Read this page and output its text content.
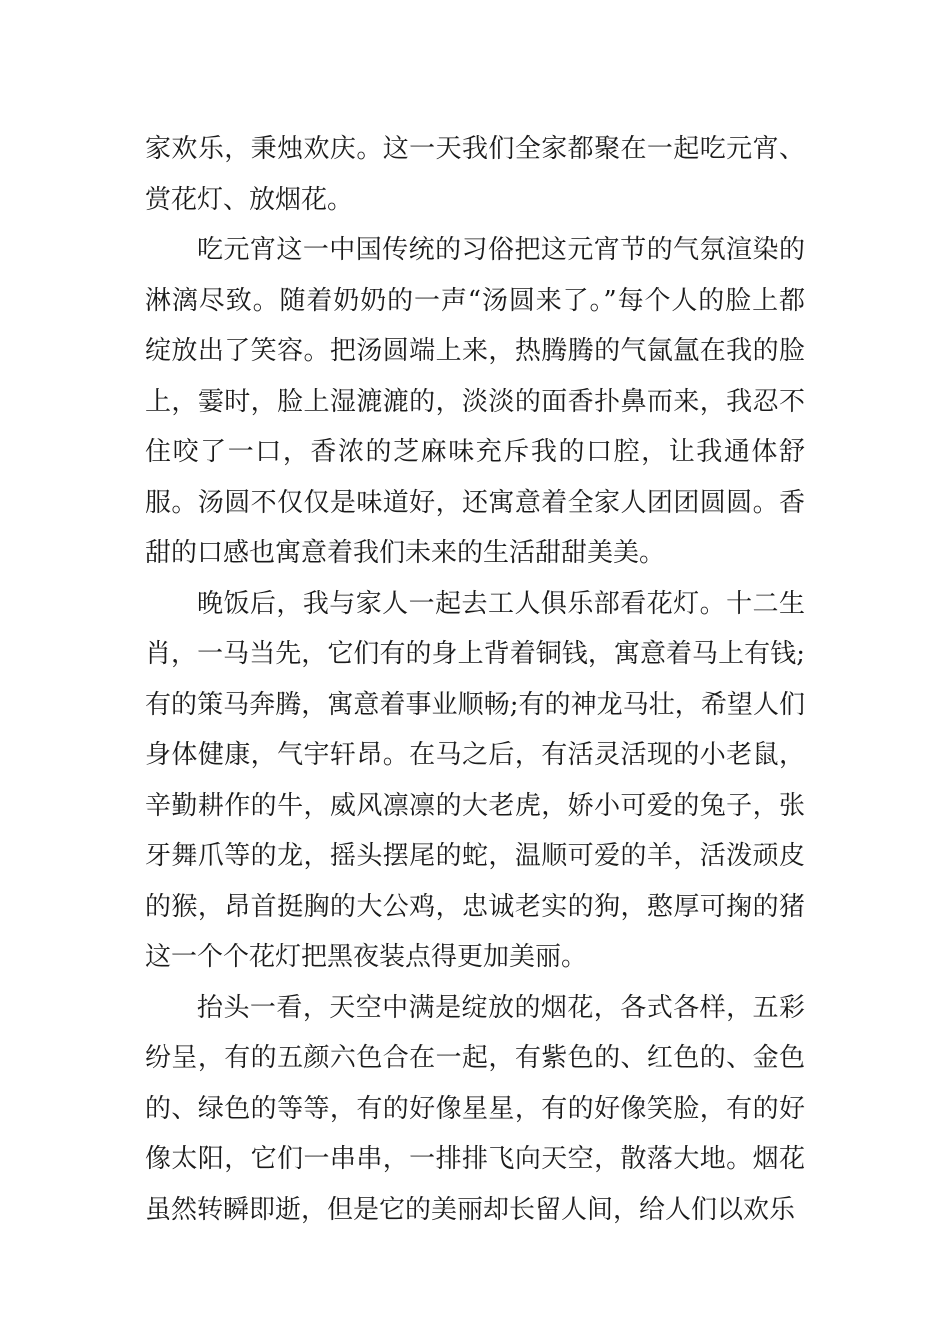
家欢乐，秉烛欢庆。这一天我们全家都聚在一起吃元宵、赏花灯、放烟花。

吃元宵这一中国传统的习俗把这元宵节的气氛渲染的淋漓尽致。随着奶奶的一声“汤圆来了。”每个人的脸上都绽放出了笑容。把汤圆端上来，热腾腾的气氤氲在我的脸上，霎时，脸上湿漉漉的，淡淡的面香扑鼻而来，我忍不住咬了一口，香浓的芝麻味充斥我的口腔，让我通体舒服。汤圆不仅仅是味道好，还寓意着全家人团团圆圆。香甜的口感也寓意着我们未来的生活甜甜美美。

晚饭后，我与家人一起去工人俱乐部看花灯。十二生肖，一马当先，它们有的身上背着铜钱，寓意着马上有钱;有的策马奔腾，寓意着事业顺畅;有的神龙马壮，希望人们身体健康，气宇轩昂。在马之后，有活灵活现的小老鼠，辛勤耕作的牛，威风凛凛的大老虎，娇小可爱的兔子，张牙舞爪等的龙，摇头摆尾的蛇，温顺可爱的羊，活泼顽皮的猴，昂首挺胸的大公鸡，忠诚老实的狗，憨厚可掬的猪这一个个花灯把黑夜装点得更加美丽。

抬头一看，天空中满是绽放的烟花，各式各样，五彩纷呈，有的五颜六色合在一起，有紫色的、红色的、金色的、绿色的等等，有的好像星星，有的好像笑脸，有的好像太阳，它们一串串，一排排飞向天空，散落大地。烟花虽然转瞬即逝，但是它的美丽却长留人间，给人们以欢乐
